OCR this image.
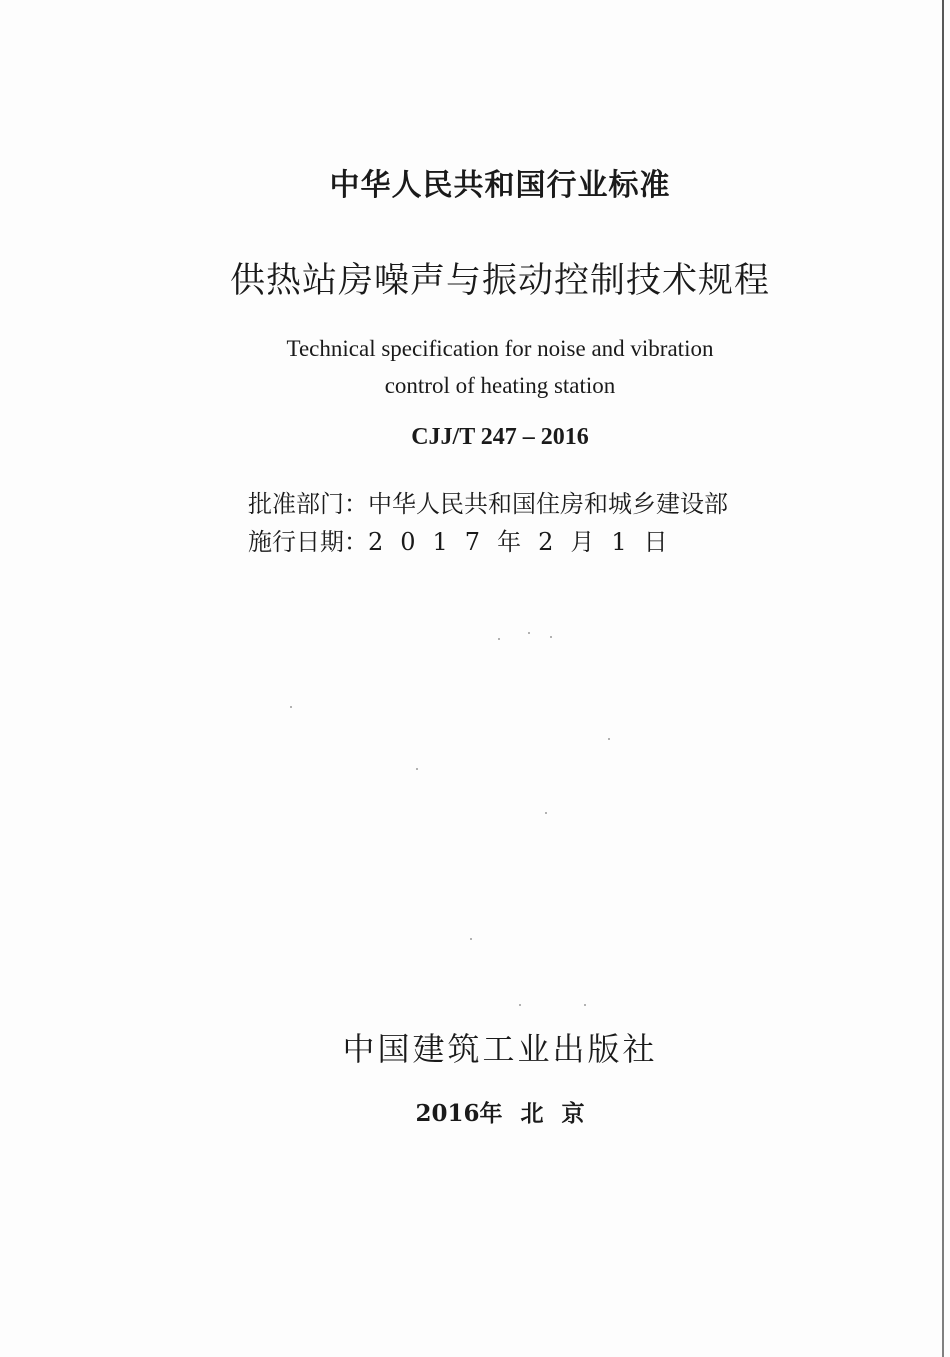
中华人民共和国行业标准
供热站房噪声与振动控制技术规程
Technical specification for noise and vibration
control of heating station
CJJ/T 247 – 2016
批准部门：中华人民共和国住房和城乡建设部
施行日期：2017年2月1日
中国建筑工业出版社
2016年 北 京
